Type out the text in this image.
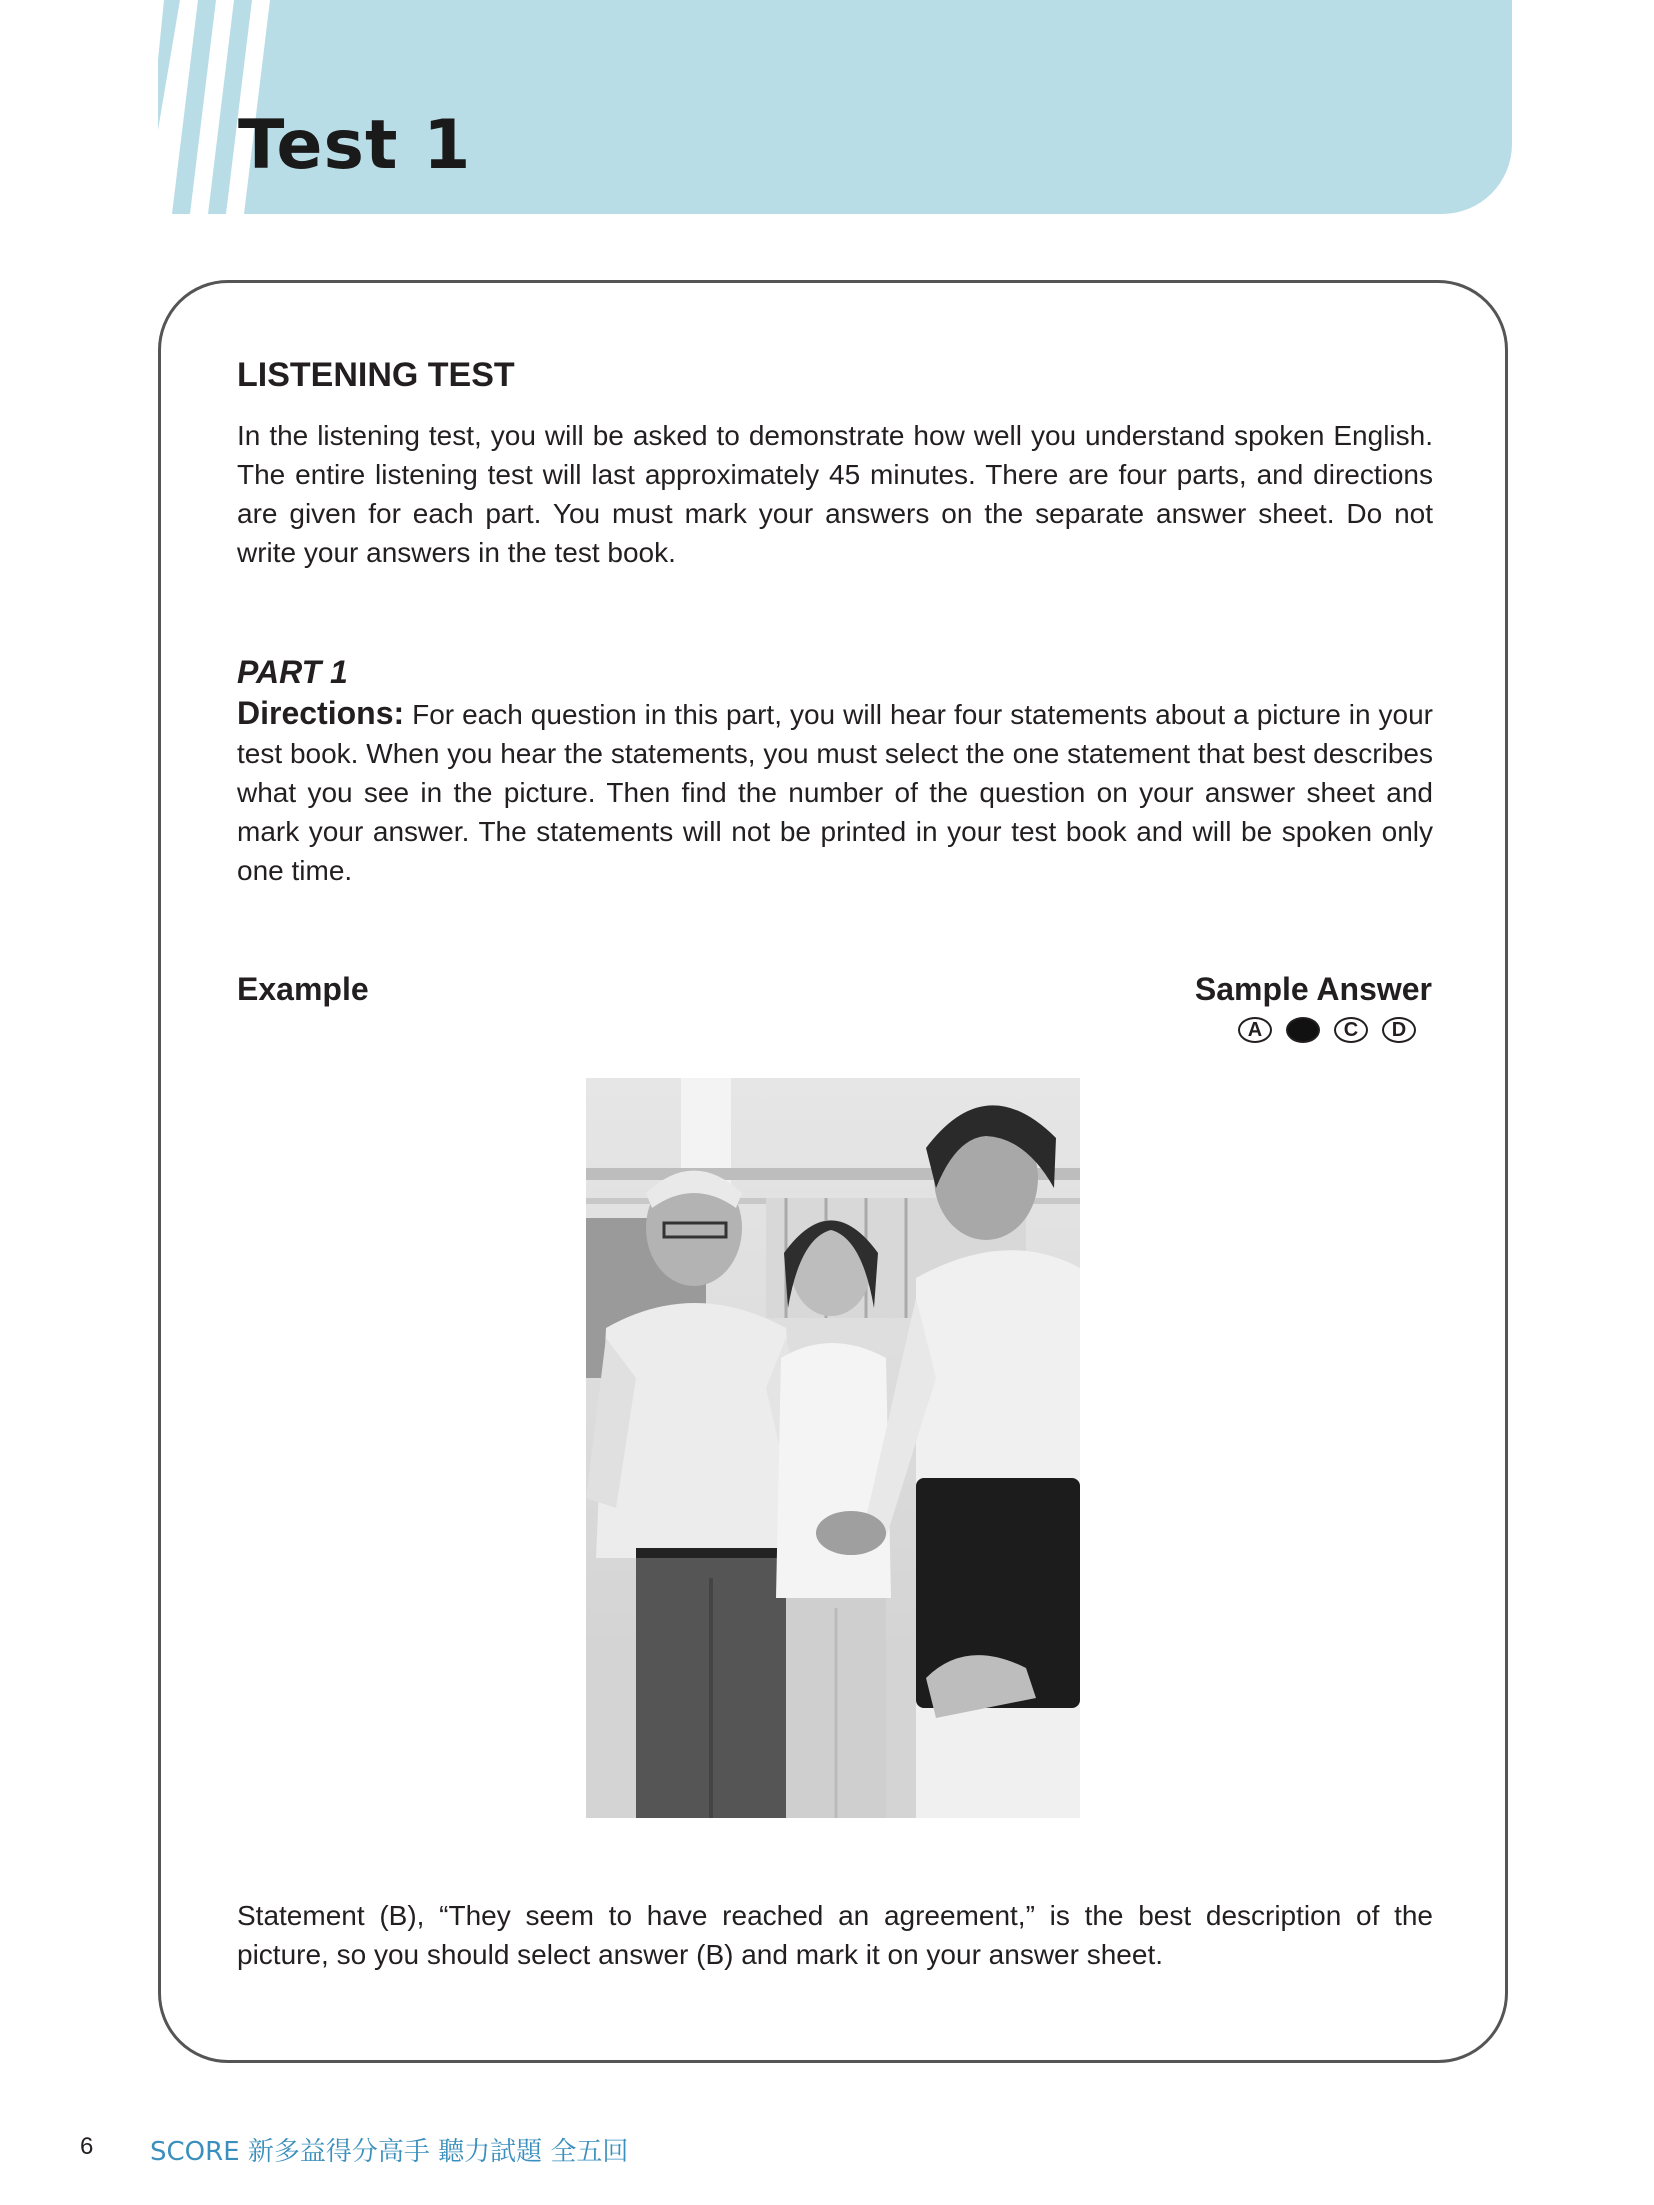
Test 1
LISTENING TEST
In the listening test, you will be asked to demonstrate how well you understand spoken English. The entire listening test will last approximately 45 minutes. There are four parts, and directions are given for each part. You must mark your answers on the separate answer sheet. Do not write your answers in the test book.
PART 1
Directions: For each question in this part, you will hear four statements about a picture in your test book. When you hear the statements, you must select the one statement that best describes what you see in the picture. Then find the number of the question on your answer sheet and mark your answer. The statements will not be printed in your test book and will be spoken only one time.
Example	Sample Answer
A	B	C	D
Statement (B), “They seem to have reached an agreement,” is the best description of the picture, so you should select answer (B) and mark it on your answer sheet.
6 SCORE 新多益得分高手 聽力試題 全五回
